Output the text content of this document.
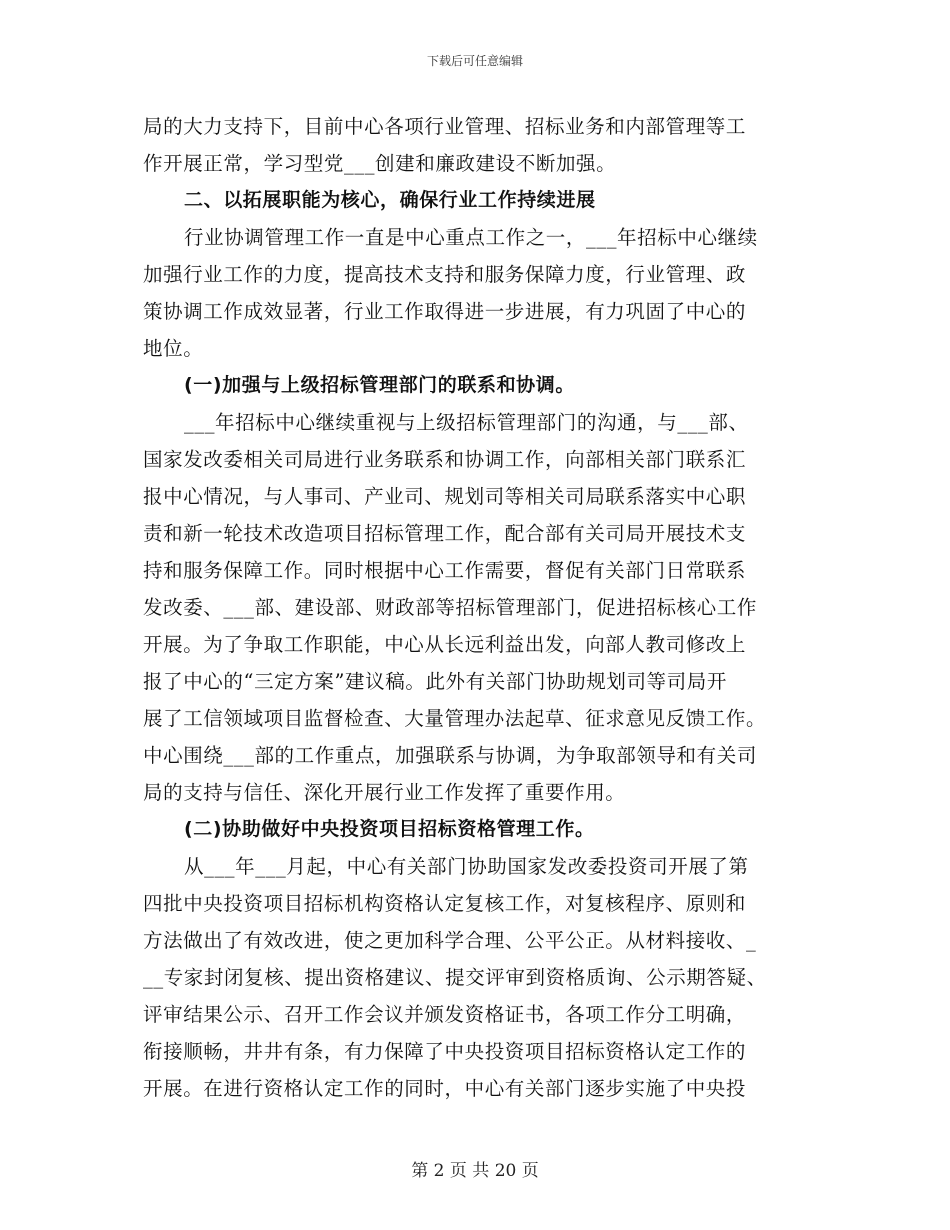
下载后可任意编辑
局的大力支持下，目前中心各项行业管理、招标业务和内部管理等工
作开展正常，学习型党___创建和廉政建设不断加强。
二、以拓展职能为核心，确保行业工作持续进展
行业协调管理工作一直是中心重点工作之一，___年招标中心继续
加强行业工作的力度，提高技术支持和服务保障力度，行业管理、政
策协调工作成效显著，行业工作取得进一步进展，有力巩固了中心的
地位。
(一)加强与上级招标管理部门的联系和协调。
___年招标中心继续重视与上级招标管理部门的沟通，与___部、
国家发改委相关司局进行业务联系和协调工作，向部相关部门联系汇
报中心情况，与人事司、产业司、规划司等相关司局联系落实中心职
责和新一轮技术改造项目招标管理工作，配合部有关司局开展技术支
持和服务保障工作。同时根据中心工作需要，督促有关部门日常联系
发改委、___部、建设部、财政部等招标管理部门，促进招标核心工作
开展。为了争取工作职能，中心从长远利益出发，向部人教司修改上
报了中心的“三定方案”建议稿。此外有关部门协助规划司等司局开
展了工信领域项目监督检查、大量管理办法起草、征求意见反馈工作。
中心围绕___部的工作重点，加强联系与协调，为争取部领导和有关司
局的支持与信任、深化开展行业工作发挥了重要作用。
(二)协助做好中央投资项目招标资格管理工作。
从___年___月起，中心有关部门协助国家发改委投资司开展了第
四批中央投资项目招标机构资格认定复核工作，对复核程序、原则和
方法做出了有效改进，使之更加科学合理、公平公正。从材料接收、_
__专家封闭复核、提出资格建议、提交评审到资格质询、公示期答疑、
评审结果公示、召开工作会议并颁发资格证书，各项工作分工明确，
衔接顺畅，井井有条，有力保障了中央投资项目招标资格认定工作的
开展。在进行资格认定工作的同时，中心有关部门逐步实施了中央投
第 2 页 共 20 页
